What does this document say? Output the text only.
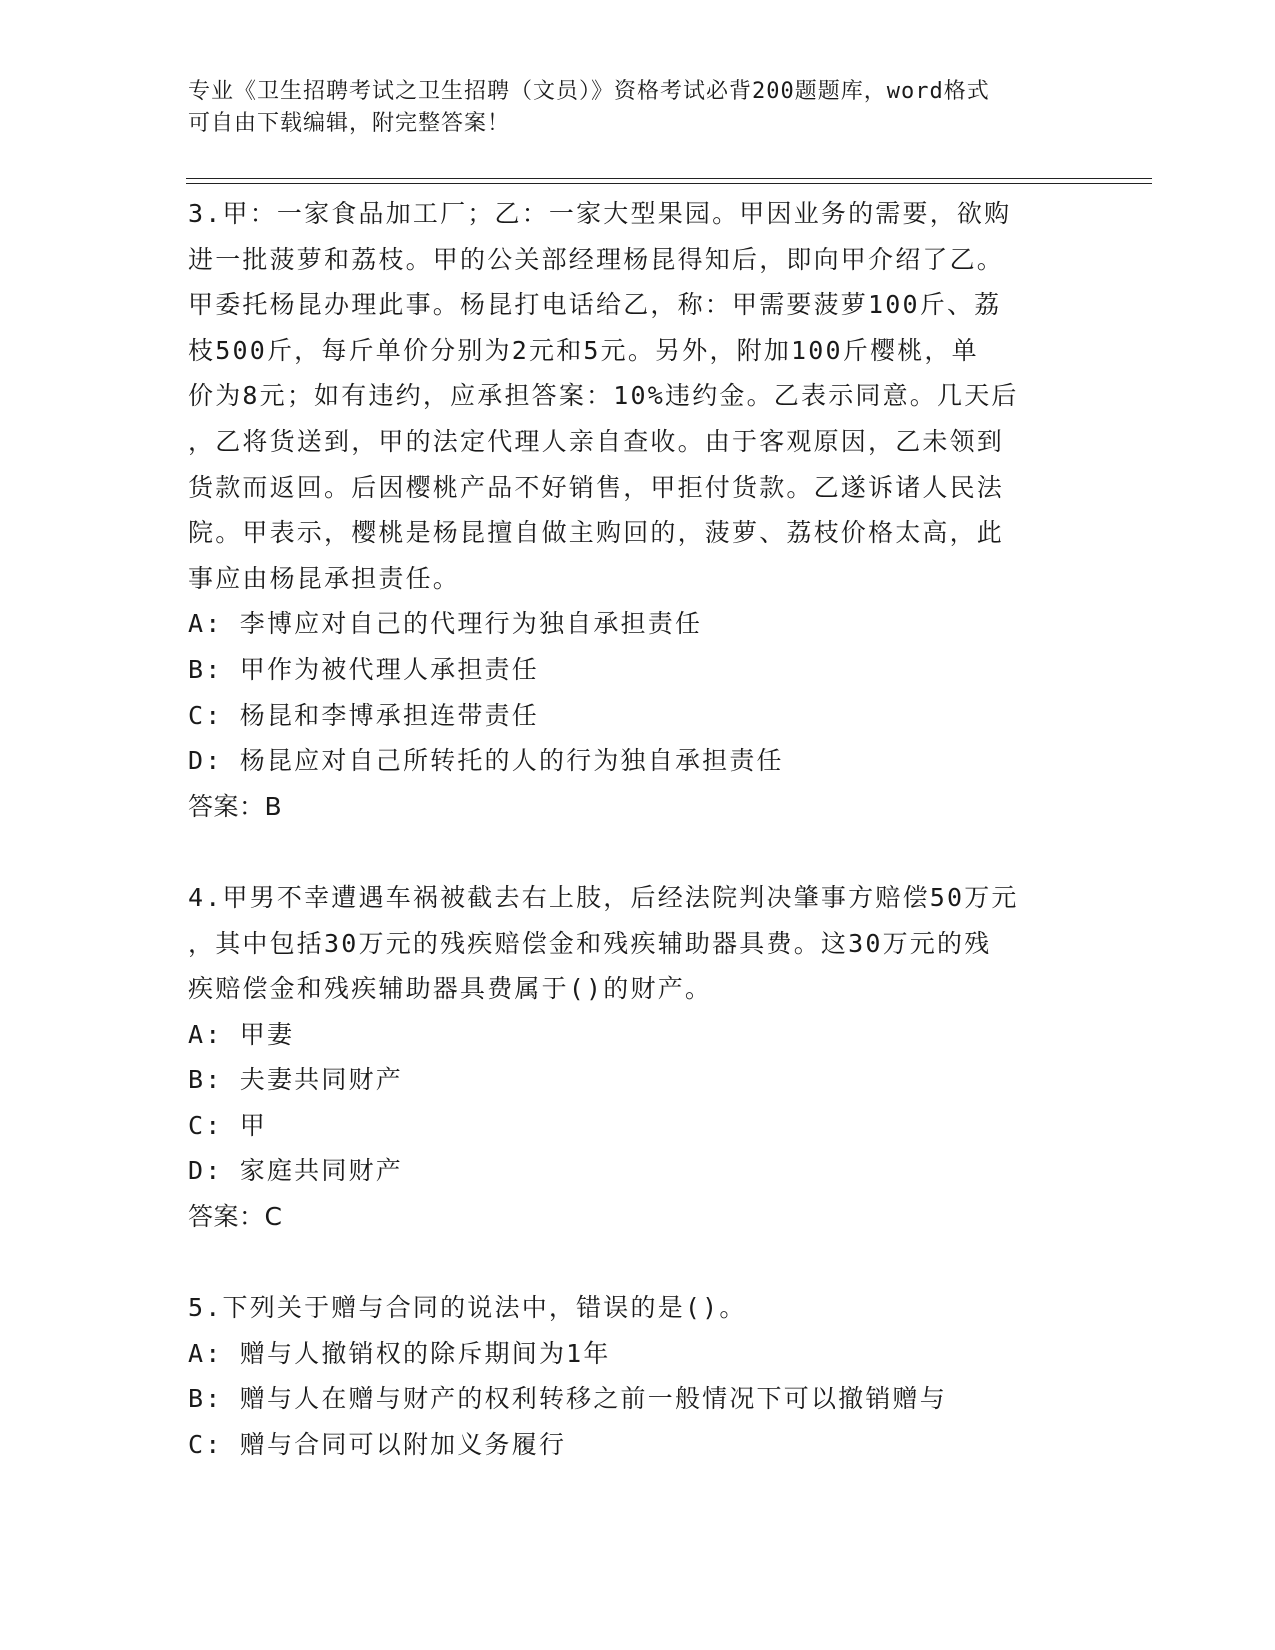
专业《卫生招聘考试之卫生招聘（文员）》资格考试必背200题题库，word格式
可自由下载编辑，附完整答案！
3.甲：一家食品加工厂；乙：一家大型果园。甲因业务的需要，欲购
进一批菠萝和荔枝。甲的公关部经理杨昆得知后，即向甲介绍了乙。
甲委托杨昆办理此事。杨昆打电话给乙，称：甲需要菠萝100斤、荔
枝500斤，每斤单价分别为2元和5元。另外，附加100斤樱桃，单
价为8元；如有违约，应承担答案：10%违约金。乙表示同意。几天后
，乙将货送到，甲的法定代理人亲自查收。由于客观原因，乙未领到
货款而返回。后因樱桃产品不好销售，甲拒付货款。乙遂诉诸人民法
院。甲表示，樱桃是杨昆擅自做主购回的，菠萝、荔枝价格太高，此
事应由杨昆承担责任。
A: 李博应对自己的代理行为独自承担责任
B: 甲作为被代理人承担责任
C: 杨昆和李博承担连带责任
D: 杨昆应对自己所转托的人的行为独自承担责任
答案：B
4.甲男不幸遭遇车祸被截去右上肢，后经法院判决肇事方赔偿50万元
，其中包括30万元的残疾赔偿金和残疾辅助器具费。这30万元的残
疾赔偿金和残疾辅助器具费属于()的财产。
A: 甲妻
B: 夫妻共同财产
C: 甲
D: 家庭共同财产
答案：C
5.下列关于赠与合同的说法中，错误的是()。
A: 赠与人撤销权的除斥期间为1年
B: 赠与人在赠与财产的权利转移之前一般情况下可以撤销赠与
C: 赠与合同可以附加义务履行
